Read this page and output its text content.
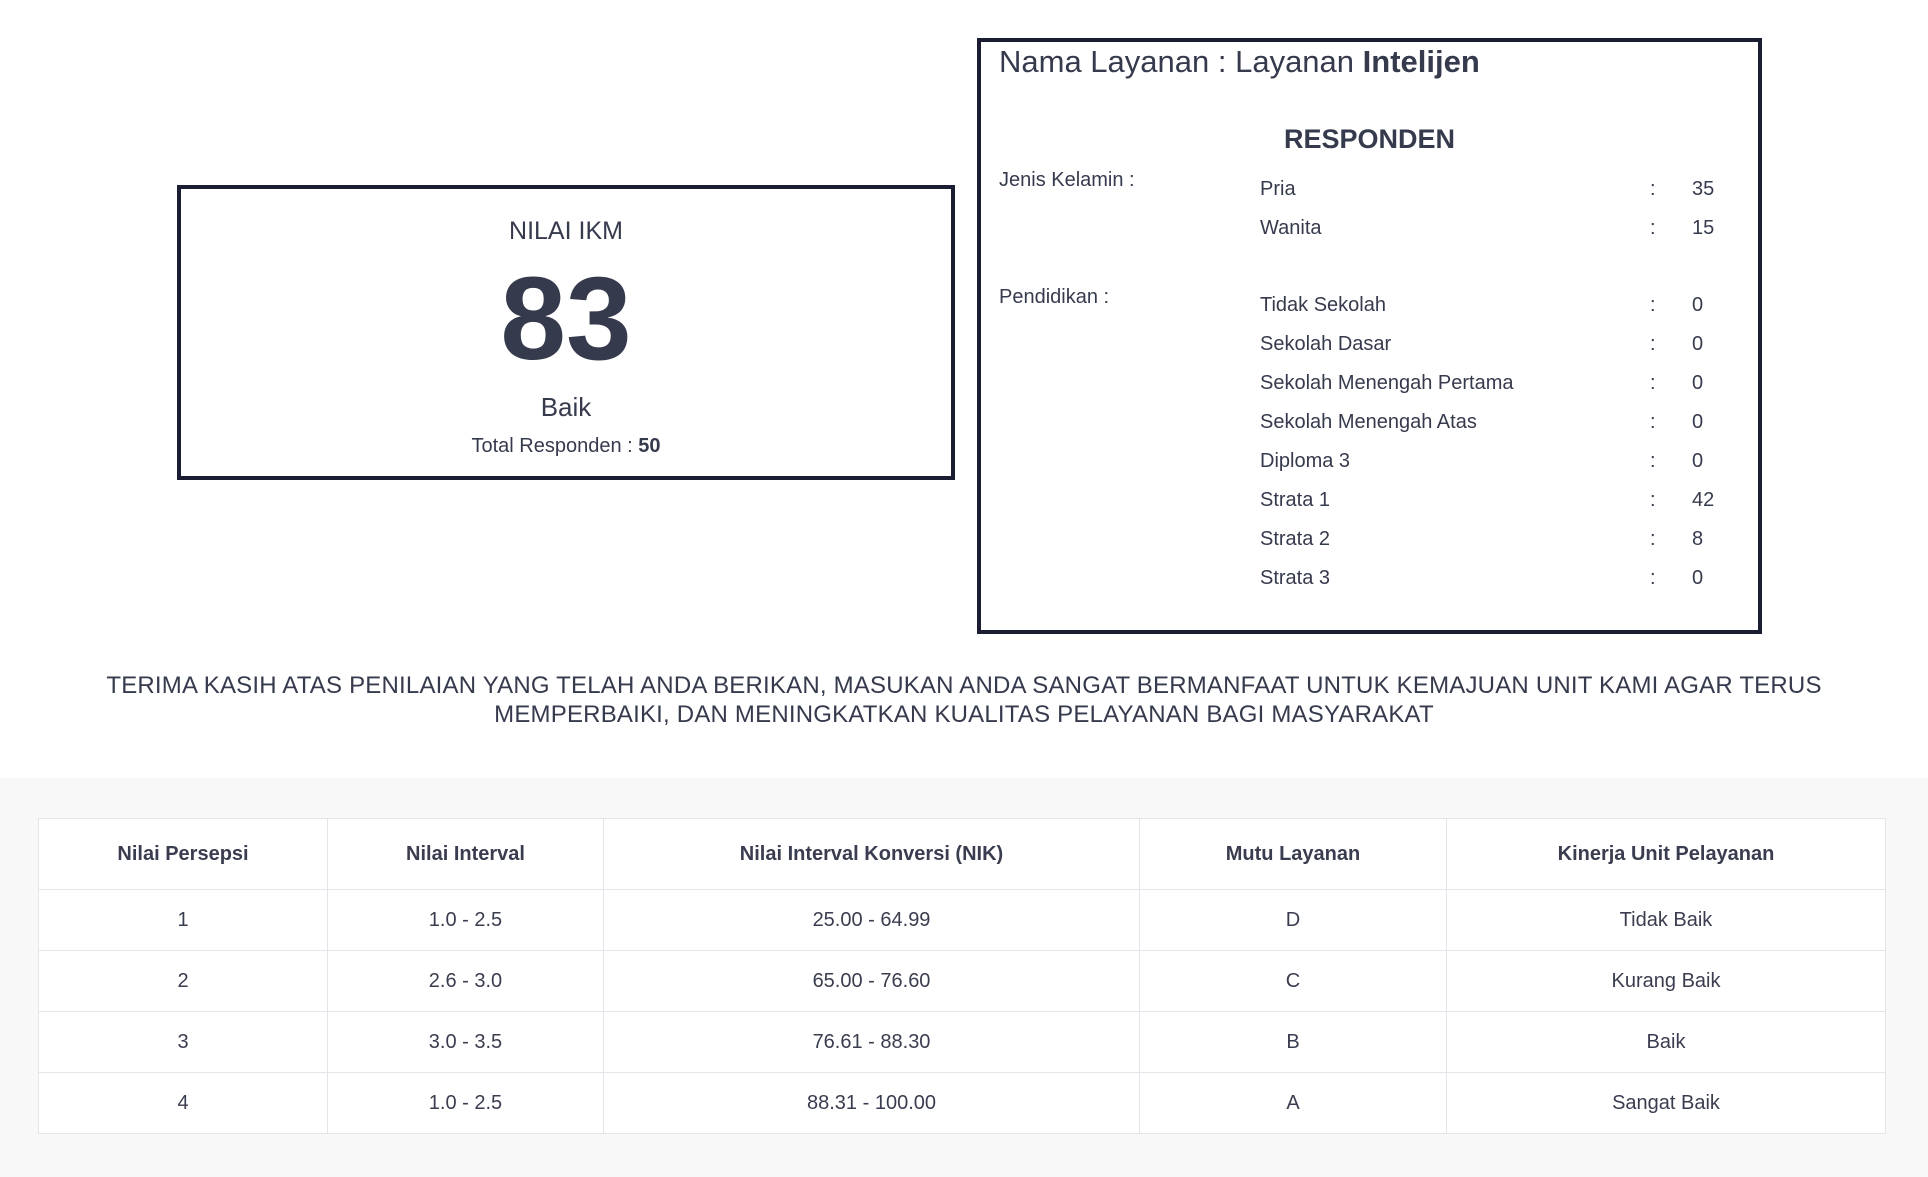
NILAI IKM
83
Baik
Total Responden : 50
Nama Layanan : Layanan Intelijen
RESPONDEN
Jenis Kelamin :	Pria	: 35
Wanita	: 15
Pendidikan :	Tidak Sekolah	: 0
Sekolah Dasar	: 0
Sekolah Menengah Pertama	: 0
Sekolah Menengah Atas	: 0
Diploma 3	: 0
Strata 1	: 42
Strata 2	: 8
Strata 3	: 0
TERIMA KASIH ATAS PENILAIAN YANG TELAH ANDA BERIKAN, MASUKAN ANDA SANGAT BERMANFAAT UNTUK KEMAJUAN UNIT KAMI AGAR TERUS MEMPERBAIKI, DAN MENINGKATKAN KUALITAS PELAYANAN BAGI MASYARAKAT
Nilai Persepsi	Nilai Interval	Nilai Interval Konversi (NIK)	Mutu Layanan	Kinerja Unit Pelayanan
1	1.0 - 2.5	25.00 - 64.99	D	Tidak Baik
2	2.6 - 3.0	65.00 - 76.60	C	Kurang Baik
3	3.0 - 3.5	76.61 - 88.30	B	Baik
4	1.0 - 2.5	88.31 - 100.00	A	Sangat Baik
